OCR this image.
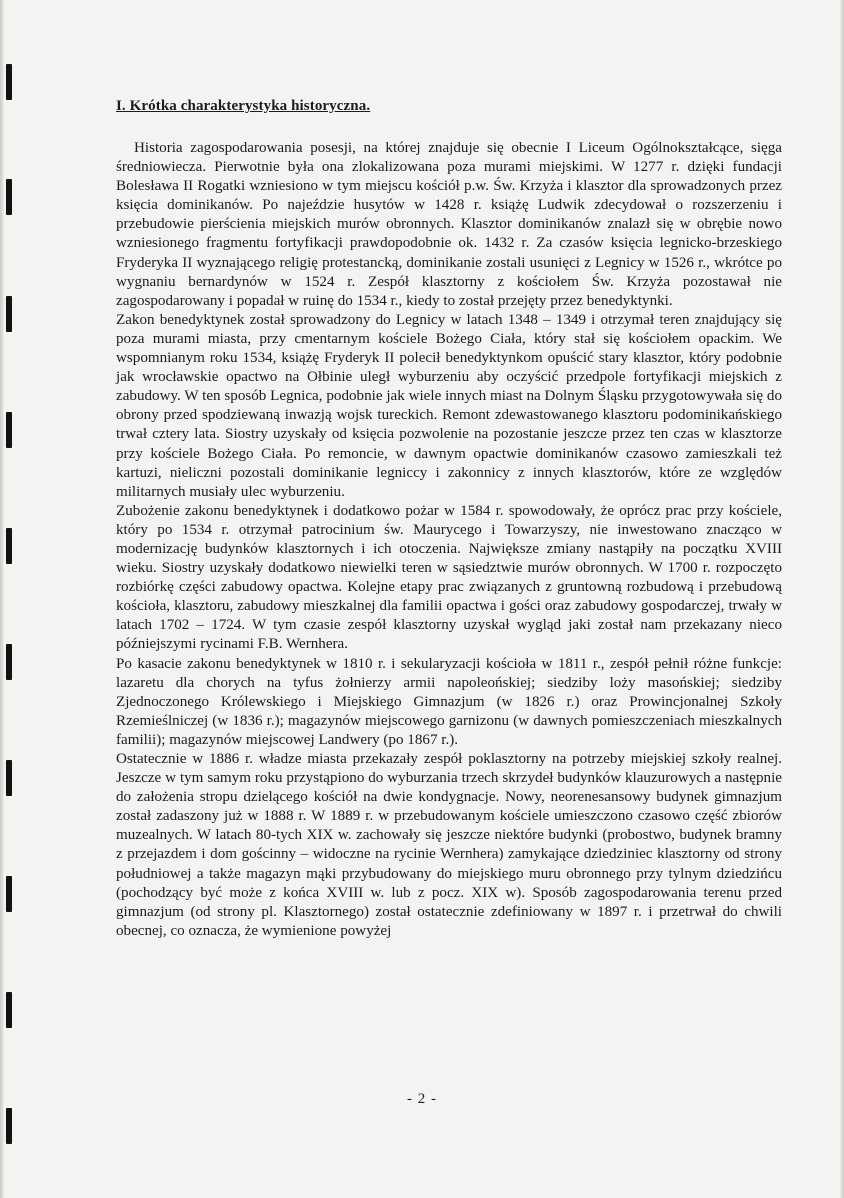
I. Krótka charakterystyka historyczna.

Historia zagospodarowania posesji, na której znajduje się obecnie I Liceum Ogólnokształcące, sięga średniowiecza. Pierwotnie była ona zlokalizowana poza murami miejskimi. W 1277 r. dzięki fundacji Bolesława II Rogatki wzniesiono w tym miejscu kościół p.w. Św. Krzyża i klasztor dla sprowadzonych przez księcia dominikanów. Po najeździe husytów w 1428 r. książę Ludwik zdecydował o rozszerzeniu i przebudowie pierścienia miejskich murów obronnych. Klasztor dominikanów znalazł się w obrębie nowo wzniesionego fragmentu fortyfikacji prawdopodobnie ok. 1432 r. Za czasów księcia legnicko-brzeskiego Fryderyka II wyznającego religię protestancką, dominikanie zostali usunięci z Legnicy w 1526 r., wkrótce po wygnaniu bernardynów w 1524 r. Zespół klasztorny z kościołem Św. Krzyża pozostawał nie zagospodarowany i popadał w ruinę do 1534 r., kiedy to został przejęty przez benedyktynki.

Zakon benedyktynek został sprowadzony do Legnicy w latach 1348 – 1349 i otrzymał teren znajdujący się poza murami miasta, przy cmentarnym kościele Bożego Ciała, który stał się kościołem opackim. We wspomnianym roku 1534, książę Fryderyk II polecił benedyktynkom opuścić stary klasztor, który podobnie jak wrocławskie opactwo na Ołbinie uległ wyburzeniu aby oczyścić przedpole fortyfikacji miejskich z zabudowy. W ten sposób Legnica, podobnie jak wiele innych miast na Dolnym Śląsku przygotowywała się do obrony przed spodziewaną inwazją wojsk tureckich. Remont zdewastowanego klasztoru podominikańskiego trwał cztery lata. Siostry uzyskały od księcia pozwolenie na pozostanie jeszcze przez ten czas w klasztorze przy kościele Bożego Ciała. Po remoncie, w dawnym opactwie dominikanów czasowo zamieszkali też kartuzi, nieliczni pozostali dominikanie legniccy i zakonnicy z innych klasztorów, które ze względów militarnych musiały ulec wyburzeniu.

Zubożenie zakonu benedyktynek i dodatkowo pożar w 1584 r. spowodowały, że oprócz prac przy kościele, który po 1534 r. otrzymał patrocinium św. Maurycego i Towarzyszy, nie inwestowano znacząco w modernizację budynków klasztornych i ich otoczenia. Największe zmiany nastąpiły na początku XVIII wieku. Siostry uzyskały dodatkowo niewielki teren w sąsiedztwie murów obronnych. W 1700 r. rozpoczęto rozbiórkę części zabudowy opactwa. Kolejne etapy prac związanych z gruntowną rozbudową i przebudową kościoła, klasztoru, zabudowy mieszkalnej dla familii opactwa i gości oraz zabudowy gospodarczej, trwały w latach 1702 – 1724. W tym czasie zespół klasztorny uzyskał wygląd jaki został nam przekazany nieco późniejszymi rycinami F.B. Wernhera.

Po kasacie zakonu benedyktynek w 1810 r. i sekularyzacji kościoła w 1811 r., zespół pełnił różne funkcje: lazaretu dla chorych na tyfus żołnierzy armii napoleońskiej; siedziby loży masońskiej; siedziby Zjednoczonego Królewskiego i Miejskiego Gimnazjum (w 1826 r.) oraz Prowincjonalnej Szkoły Rzemieślniczej (w 1836 r.); magazynów miejscowego garnizonu (w dawnych pomieszczeniach mieszkalnych familii); magazynów miejscowej Landwery (po 1867 r.).

Ostatecznie w 1886 r. władze miasta przekazały zespół poklasztorny na potrzeby miejskiej szkoły realnej. Jeszcze w tym samym roku przystąpiono do wyburzania trzech skrzydeł budynków klauzurowych a następnie do założenia stropu dzielącego kościół na dwie kondygnacje. Nowy, neorenesansowy budynek gimnazjum został zadaszony już w 1888 r. W 1889 r. w przebudowanym kościele umieszczono czasowo część zbiorów muzealnych. W latach 80-tych XIX w. zachowały się jeszcze niektóre budynki (probostwo, budynek bramny z przejazdem i dom gościnny – widoczne na rycinie Wernhera) zamykające dziedziniec klasztorny od strony południowej a także magazyn mąki przybudowany do miejskiego muru obronnego przy tylnym dziedzińcu (pochodzący być może z końca XVIII w. lub z pocz. XIX w). Sposób zagospodarowania terenu przed gimnazjum (od strony pl. Klasztornego) został ostatecznie zdefiniowany w 1897 r. i przetrwał do chwili obecnej, co oznacza, że wymienione powyżej

- 2 -
